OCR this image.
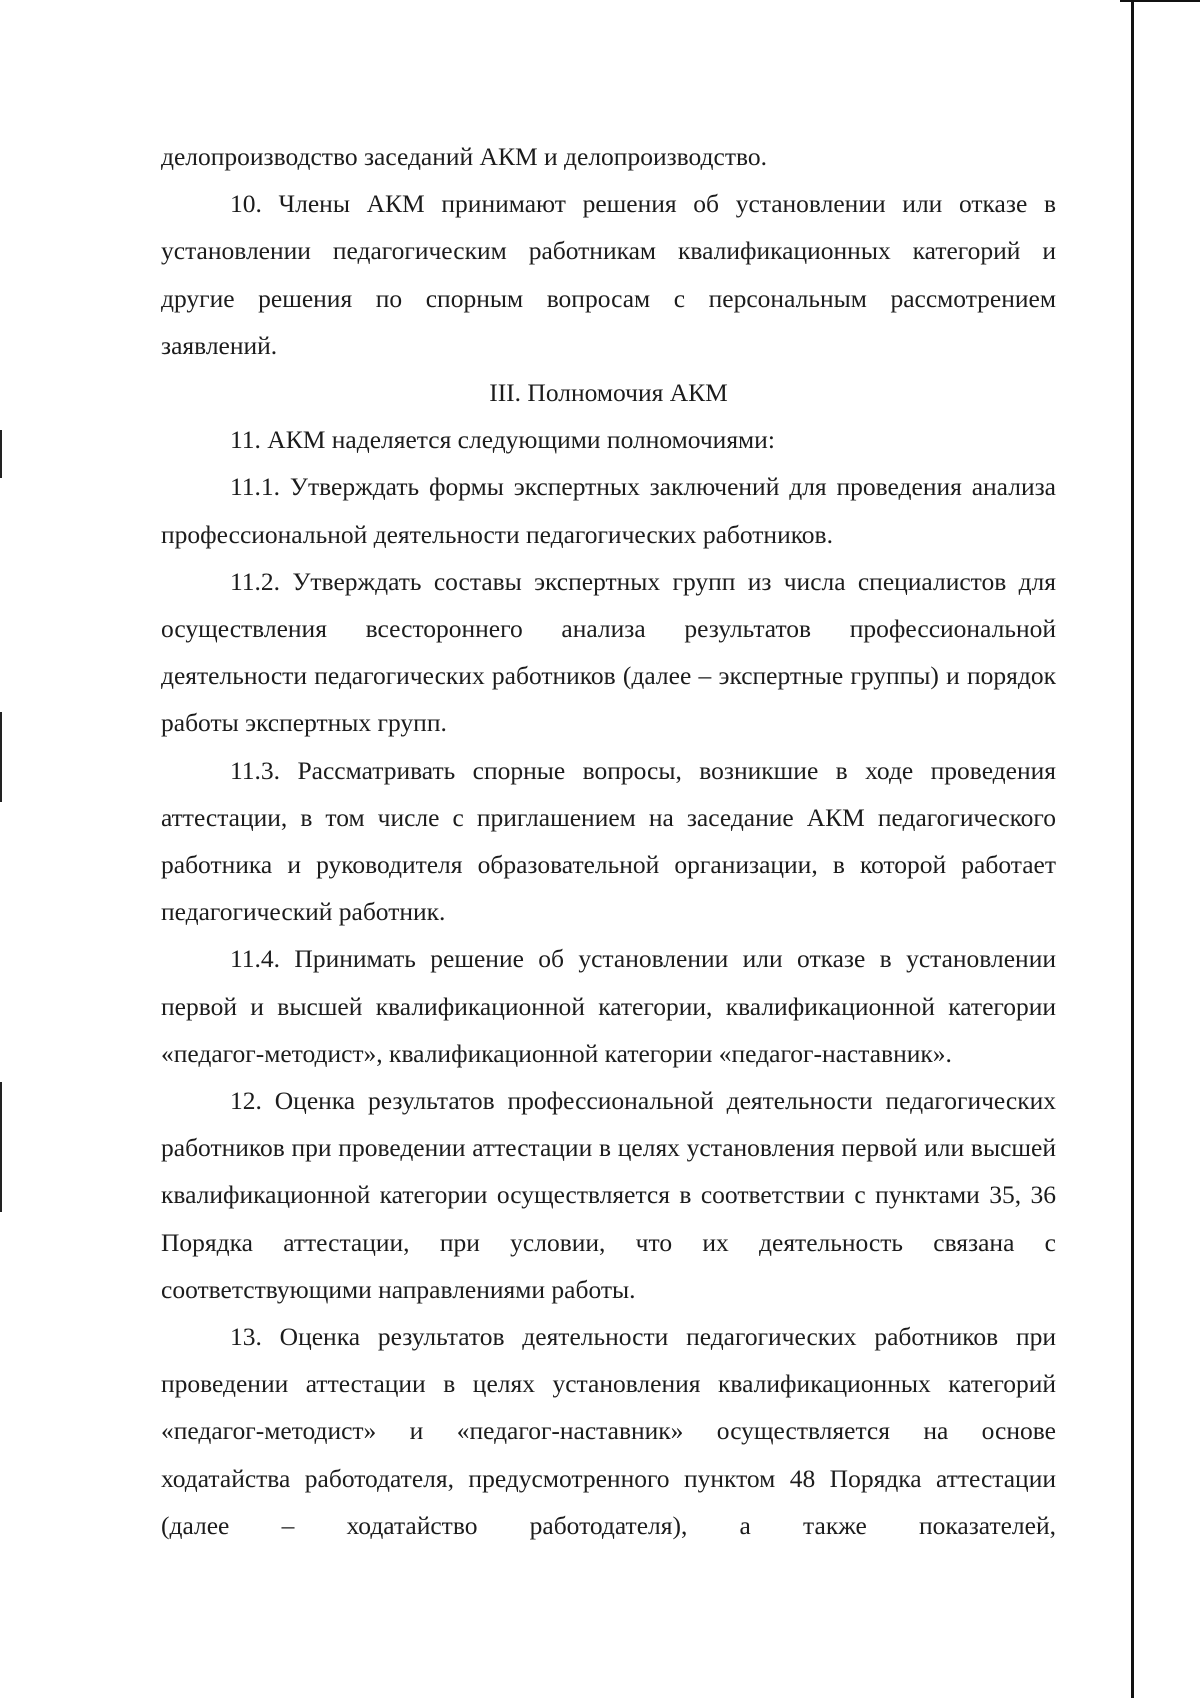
делопроизводство заседаний АКМ и делопроизводство.

10. Члены АКМ принимают решения об установлении или отказе в установлении педагогическим работникам квалификационных категорий и другие решения по спорным вопросам с персональным рассмотрением заявлений.

III. Полномочия АКМ

11. АКМ наделяется следующими полномочиями:

11.1. Утверждать формы экспертных заключений для проведения анализа профессиональной деятельности педагогических работников.

11.2. Утверждать составы экспертных групп из числа специалистов для осуществления всестороннего анализа результатов профессиональной деятельности педагогических работников (далее – экспертные группы) и порядок работы экспертных групп.

11.3. Рассматривать спорные вопросы, возникшие в ходе проведения аттестации, в том числе с приглашением на заседание АКМ педагогического работника и руководителя образовательной организации, в которой работает педагогический работник.

11.4. Принимать решение об установлении или отказе в установлении первой и высшей квалификационной категории, квалификационной категории «педагог-методист», квалификационной категории «педагог-наставник».

12. Оценка результатов профессиональной деятельности педагогических работников при проведении аттестации в целях установления первой или высшей квалификационной категории осуществляется в соответствии с пунктами 35, 36 Порядка аттестации, при условии, что их деятельность связана с соответствующими направлениями работы.

13. Оценка результатов деятельности педагогических работников при проведении аттестации в целях установления квалификационных категорий «педагог-методист» и «педагог-наставник» осуществляется на основе ходатайства работодателя, предусмотренного пунктом 48 Порядка аттестации (далее – ходатайство работодателя), а также показателей,
